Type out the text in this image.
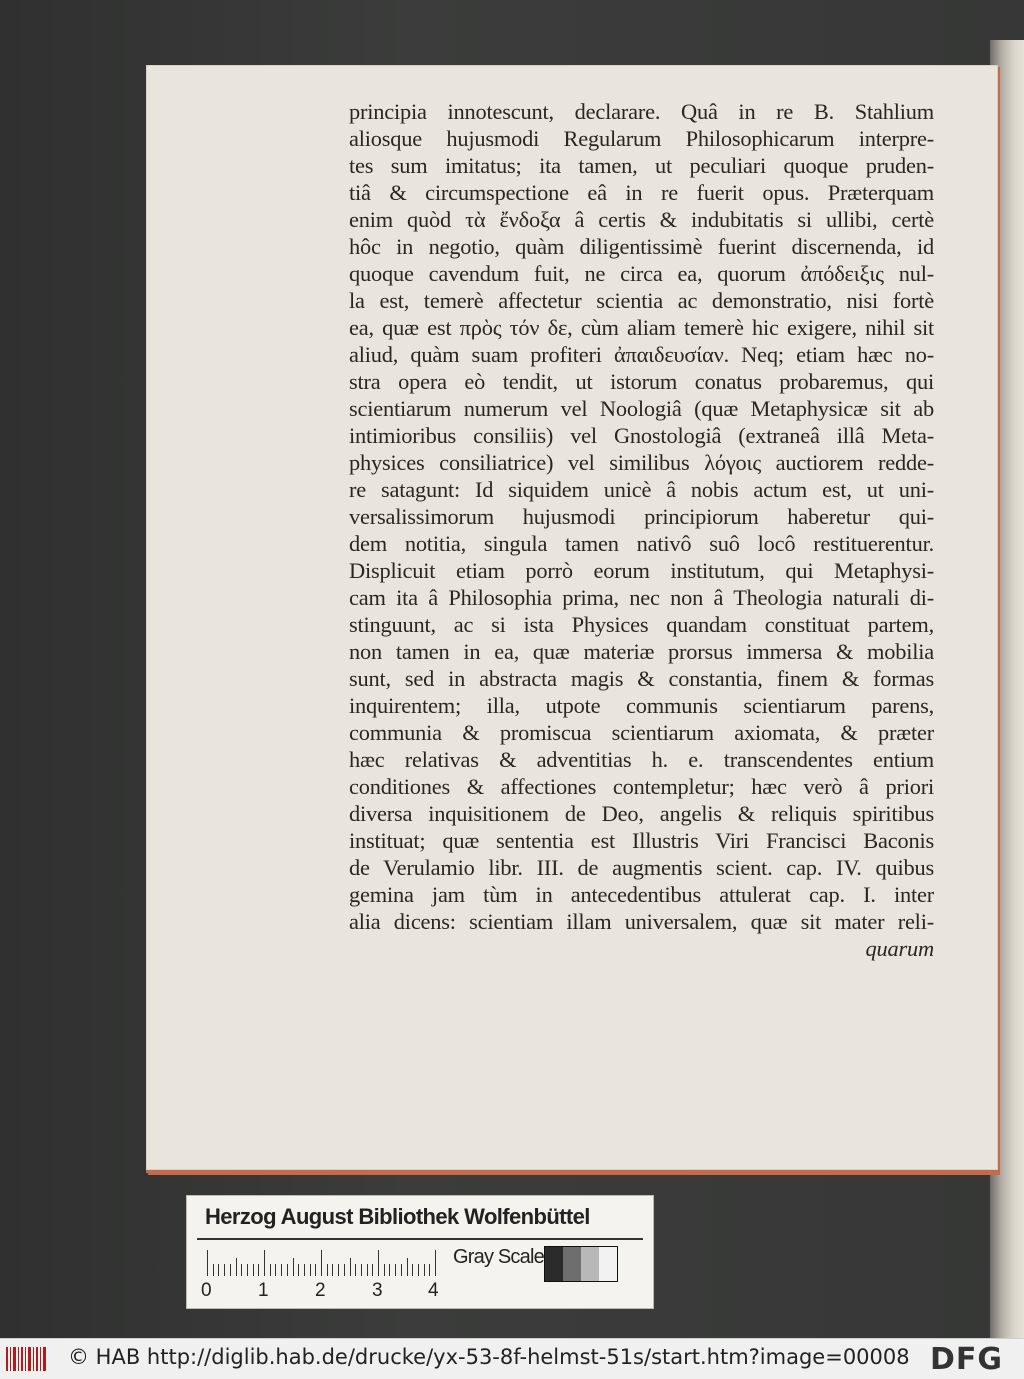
principia innotescunt, declarare. Quâ in re B. Stahlium
aliosque hujusmodi Regularum Philosophicarum interpre-
tes sum imitatus; ita tamen, ut peculiari quoque pruden-
tiâ & circumspectione eâ in re fuerit opus. Præterquam
enim quòd τὰ ἔνδοξα â certis & indubitatis si ullibi, certè
hôc in negotio, quàm diligentissimè fuerint discernenda, id
quoque cavendum fuit, ne circa ea, quorum ἀπόδειξις nul-
la est, temerè affectetur scientia ac demonstratio, nisi fortè
ea, quæ est πρὸς τόν δε, cùm aliam temerè hic exigere, nihil sit
aliud, quàm suam profiteri ἀπαιδευσίαν. Neq; etiam hæc no-
stra opera eò tendit, ut istorum conatus probaremus, qui
scientiarum numerum vel Noologiâ (quæ Metaphysicæ sit ab
intimioribus consiliis) vel Gnostologiâ (extraneâ illâ Meta-
physices consiliatrice) vel similibus λόγοις auctiorem redde-
re satagunt: Id siquidem unicè â nobis actum est, ut uni-
versalissimorum hujusmodi principiorum haberetur qui-
dem notitia, singula tamen nativô suô locô restituerentur.
Displicuit etiam porrò eorum institutum, qui Metaphysi-
cam ita â Philosophia prima, nec non â Theologia naturali di-
stinguunt, ac si ista Physices quandam constituat partem,
non tamen in ea, quæ materiæ prorsus immersa & mobilia
sunt, sed in abstracta magis & constantia, finem & formas
inquirentem; illa, utpote communis scientiarum parens,
communia & promiscua scientiarum axiomata, & præter
hæc relativas & adventitias h. e. transcendentes entium
conditiones & affectiones contempletur; hæc verò â priori
diversa inquisitionem de Deo, angelis & reliquis spiritibus
instituat; quæ sententia est Illustris Viri Francisci Baconis
de Verulamio libr. III. de augmentis scient. cap. IV. quibus
gemina jam tùm in antecedentibus attulerat cap. I. inter
alia dicens: scientiam illam universalem, quæ sit mater reli-
quarum
Herzog August Bibliothek Wolfenbüttel
0 1 2 3 4
Gray Scale
© HAB http://diglib.hab.de/drucke/yx-53-8f-helmst-51s/start.htm?image=00008 DFG
